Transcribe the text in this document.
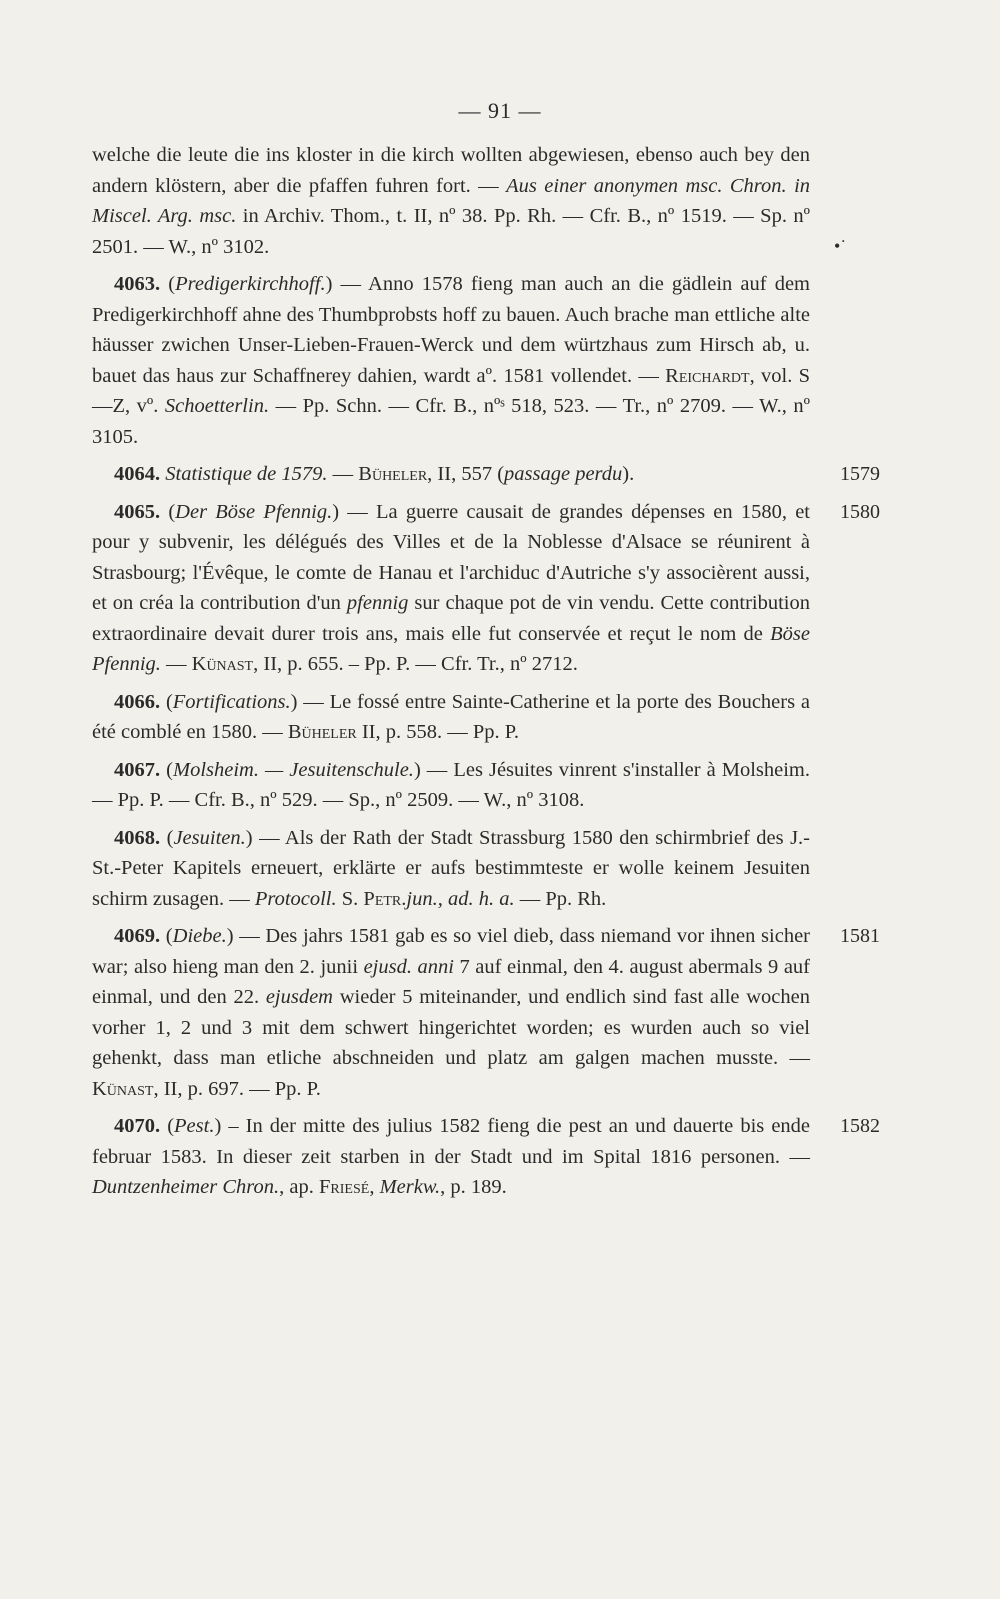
— 91 —
•˙

welche die leute die ins kloster in die kirch wollten abgewiesen, ebenso auch bey den andern klöstern, aber die pfaffen fuhren fort. — Aus einer anonymen msc. Chron. in Miscel. Arg. msc. in Archiv. Thom., t. II, nº 38. Pp. Rh. — Cfr. B., nº 1519. — Sp. nº 2501. — W., nº 3102.

4063. (Predigerkirchhoff.) — Anno 1578 fieng man auch an die gädlein auf dem Predigerkirchhoff ahne des Thumbprobsts hoff zu bauen. Auch brache man ettliche alte häusser zwichen Unser-Lieben-Frauen-Werck und dem würtzhaus zum Hirsch ab, u. bauet das haus zur Schaffnerey dahien, wardt aº. 1581 vollendet. — Reichardt, vol. S—Z, vº. Schoetterlin. — Pp. Schn. — Cfr. B., nºˢ 518, 523. — Tr., nº 2709. — W., nº 3105.

1579
4064. Statistique de 1579. — Büheler, II, 557 (passage perdu).

1580
4065. (Der Böse Pfennig.) — La guerre causait de grandes dépenses en 1580, et pour y subvenir, les délégués des Villes et de la Noblesse d'Alsace se réunirent à Strasbourg; l'Évêque, le comte de Hanau et l'archiduc d'Autriche s'y associèrent aussi, et on créa la contribution d'un pfennig sur chaque pot de vin vendu. Cette contribution extraordinaire devait durer trois ans, mais elle fut conservée et reçut le nom de Böse Pfennig. — Künast, II, p. 655. – Pp. P. — Cfr. Tr., nº 2712.

4066. (Fortifications.) — Le fossé entre Sainte-Catherine et la porte des Bouchers a été comblé en 1580. — Büheler II, p. 558. — Pp. P.

4067. (Molsheim. — Jesuitenschule.) — Les Jésuites vinrent s'installer à Molsheim. — Pp. P. — Cfr. B., nº 529. — Sp., nº 2509. — W., nº 3108.

4068. (Jesuiten.) — Als der Rath der Stadt Strassburg 1580 den schirmbrief des J.-St.-Peter Kapitels erneuert, erklärte er aufs bestimmteste er wolle keinem Jesuiten schirm zusagen. — Protocoll. S. Petr.jun., ad. h. a. — Pp. Rh.

1581
4069. (Diebe.) — Des jahrs 1581 gab es so viel dieb, dass niemand vor ihnen sicher war; also hieng man den 2. junii ejusd. anni 7 auf einmal, den 4. august abermals 9 auf einmal, und den 22. ejusdem wieder 5 miteinander, und endlich sind fast alle wochen vorher 1, 2 und 3 mit dem schwert hingerichtet worden; es wurden auch so viel gehenkt, dass man etliche abschneiden und platz am galgen machen musste. — Künast, II, p. 697. — Pp. P.

1582
4070. (Pest.) – In der mitte des julius 1582 fieng die pest an und dauerte bis ende februar 1583. In dieser zeit starben in der Stadt und im Spital 1816 personen. — Duntzenheimer Chron., ap. Friesé, Merkw., p. 189.
